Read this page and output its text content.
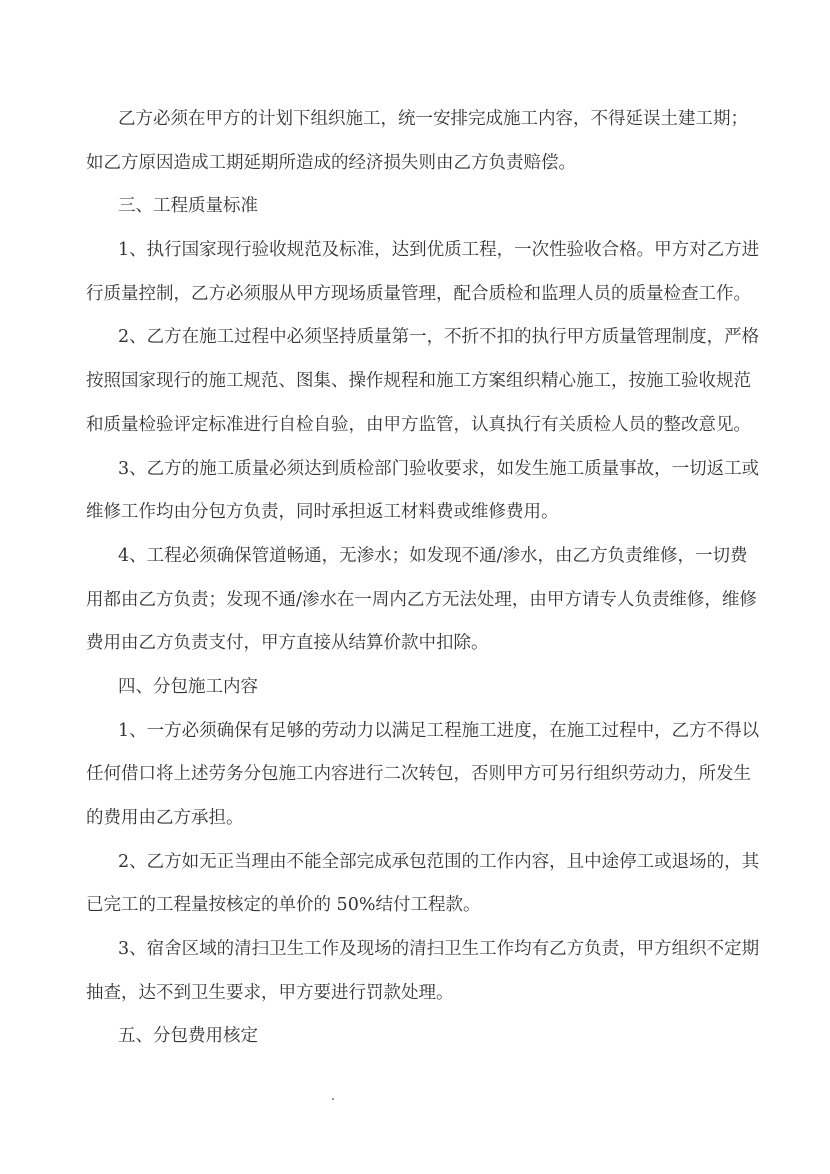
乙方必须在甲方的计划下组织施工，统一安排完成施工内容，不得延误土建工期；
如乙方原因造成工期延期所造成的经济损失则由乙方负责赔偿。
三、工程质量标准
1、执行国家现行验收规范及标准，达到优质工程，一次性验收合格。甲方对乙方进
行质量控制，乙方必须服从甲方现场质量管理，配合质检和监理人员的质量检查工作。
2、乙方在施工过程中必须坚持质量第一，不折不扣的执行甲方质量管理制度，严格
按照国家现行的施工规范、图集、操作规程和施工方案组织精心施工，按施工验收规范
和质量检验评定标准进行自检自验，由甲方监管，认真执行有关质检人员的整改意见。
3、乙方的施工质量必须达到质检部门验收要求，如发生施工质量事故，一切返工或
维修工作均由分包方负责，同时承担返工材料费或维修费用。
4、工程必须确保管道畅通，无渗水；如发现不通/渗水，由乙方负责维修，一切费
用都由乙方负责；发现不通/渗水在一周内乙方无法处理，由甲方请专人负责维修，维修
费用由乙方负责支付，甲方直接从结算价款中扣除。
四、分包施工内容
1、一方必须确保有足够的劳动力以满足工程施工进度，在施工过程中，乙方不得以
任何借口将上述劳务分包施工内容进行二次转包，否则甲方可另行组织劳动力，所发生
的费用由乙方承担。
2、乙方如无正当理由不能全部完成承包范围的工作内容，且中途停工或退场的，其
已完工的工程量按核定的单价的 50%结付工程款。
3、宿舍区域的清扫卫生工作及现场的清扫卫生工作均有乙方负责，甲方组织不定期
抽查，达不到卫生要求，甲方要进行罚款处理。
五、分包费用核定
